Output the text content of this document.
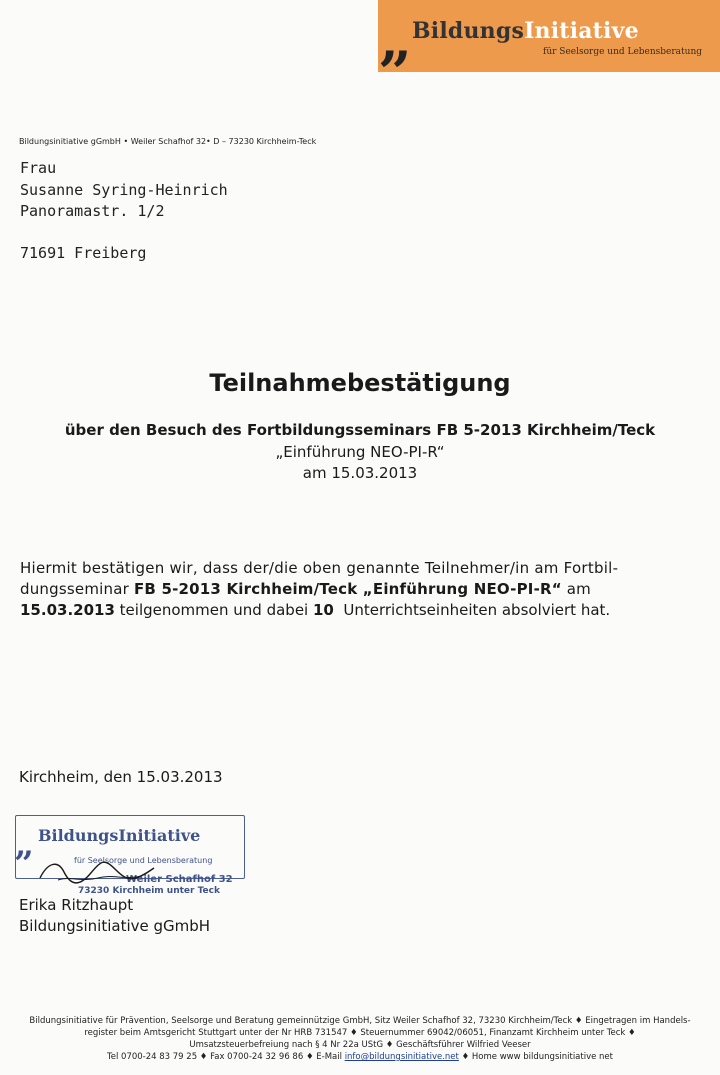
BildungsInitiative
für Seelsorge und Lebensberatung
”
Bildungsinitiative gGmbH • Weiler Schafhof 32• D – 73230 Kirchheim-Teck
Frau
Susanne Syring-Heinrich
Panoramastr. 1/2
71691 Freiberg
Teilnahmebestätigung
über den Besuch des Fortbildungsseminars FB 5-2013 Kirchheim/Teck
„Einführung NEO-PI-R“
am 15.03.2013
Hiermit bestätigen wir, dass der/die oben genannte Teilnehmer/in am Fortbil-
dungsseminar FB 5-2013 Kirchheim/Teck „Einführung NEO-PI-R“ am
15.03.2013 teilgenommen und dabei 10  Unterrichtseinheiten absolviert hat.
Kirchheim, den 15.03.2013
BildungsInitiative
für Seelsorge und Lebensberatung
”	Weiler Schafhof 32
73230 Kirchheim unter Teck
Erika Ritzhaupt
Bildungsinitiative gGmbH
Bildungsinitiative für Prävention, Seelsorge und Beratung gemeinnützige GmbH, Sitz Weiler Schafhof 32, 73230 Kirchheim/Teck ♦ Eingetragen im Handels-
register beim Amtsgericht Stuttgart unter der Nr HRB 731547 ♦ Steuernummer 69042/06051, Finanzamt Kirchheim unter Teck ♦
Umsatzsteuerbefreiung nach § 4 Nr 22a UStG ♦ Geschäftsführer Wilfried Veeser
Tel 0700-24 83 79 25 ♦ Fax 0700-24 32 96 86 ♦ E-Mail info@bildungsinitiative.net ♦ Home www bildungsinitiative net
